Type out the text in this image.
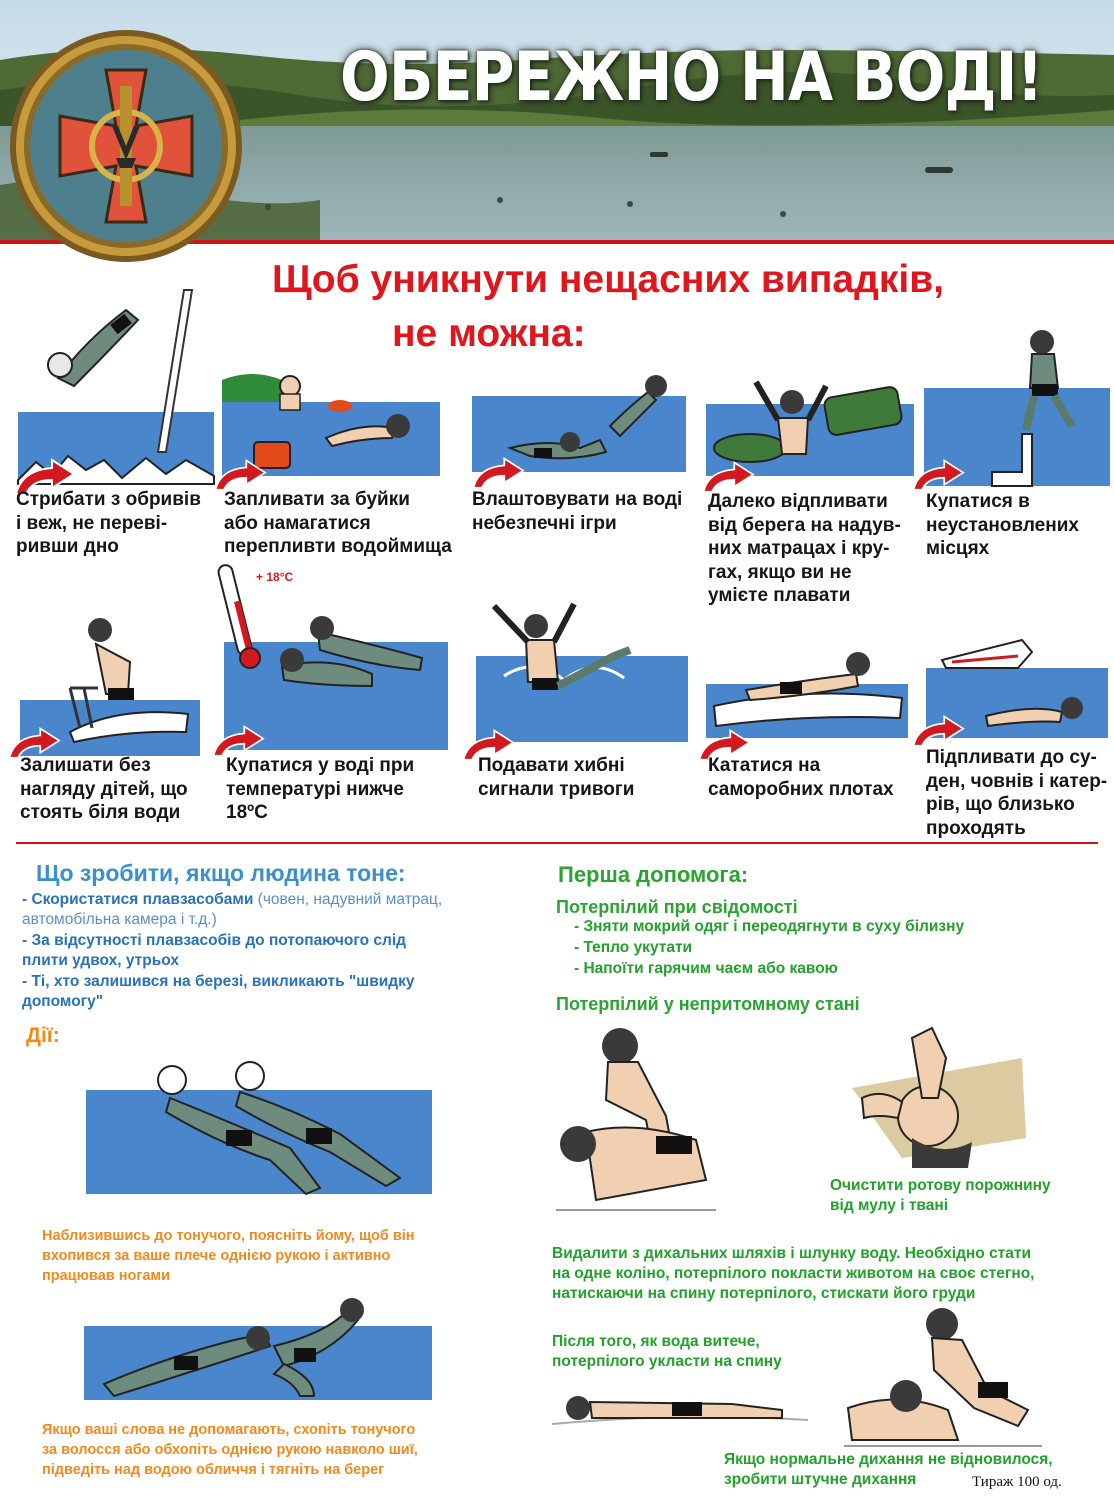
ОБЕРЕЖНО НА ВОДІ!
Щоб уникнути нещасних випадків,
не можна:
Стрибати з обривів
і веж, не переві-
ривши дно
Запливати за буйки
або намагатися
перепливти водоймища
Влаштовувати на воді
небезпечні ігри
Далеко відпливати
від берега на надув-
них матрацах і кру-
гах, якщо ви не
умієте плавати
Купатися в
неустановлених
місцях
Залишати без
нагляду дітей, що
стоять біля води
+ 18°C
Купатися у воді при
температурі нижче
18ºС
Подавати хибні
сигнали тривоги
Кататися на
саморобних плотах
Підпливати до су-
ден, човнів і катер-
рів, що близько
проходять
Що зробити, якщо людина тоне:
- Скористатися плавзасобами (човен, надувний матрац,
автомобільна камера і т.д.)
- За відсутності плавзасобів до потопаючого слід
плити удвох, утрьох
- Ті, хто залишився на березі, викликають "швидку
допомогу"
Дії:
Наблизившись до тонучого, поясніть йому, щоб він
вхопився за ваше плече однією рукою і активно
працював ногами
Якщо ваші слова не допомагають, схопіть тонучого
за волосся або обхопіть однією рукою навколо шиї,
підведіть над водою обличчя і тягніть на берег
Перша допомога:
Потерпілий при свідомості
- Зняти мокрий одяг і переодягнути в суху білизну
- Тепло укутати
- Напоїти гарячим чаєм або кавою
Потерпілий у непритомному стані
Очистити ротову порожнину
від мулу і твані
Видалити з дихальних шляхів і шлунку воду. Необхідно стати
на одне коліно, потерпілого покласти животом на своє стегно,
натискаючи на спину потерпілого, стискати його груди
Після того, як вода витече,
потерпілого укласти на спину
Якщо нормальне дихання не відновилося,
зробити штучне дихання	Тираж 100 од.
